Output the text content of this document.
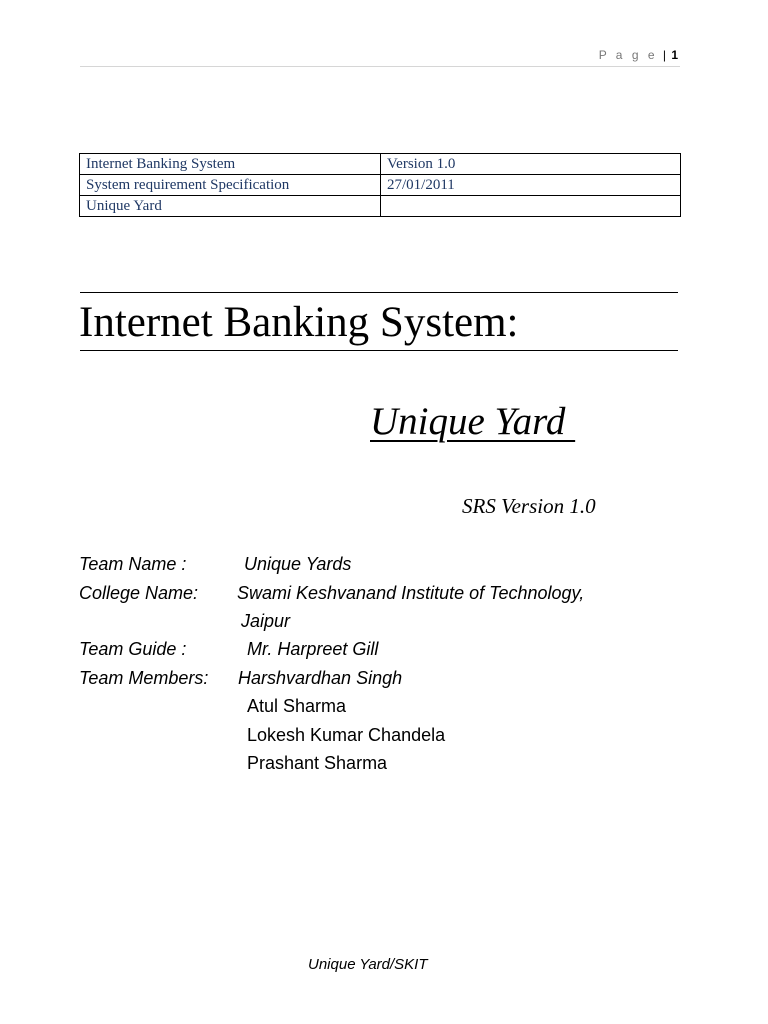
P a g e | 1
Internet Banking System	Version 1.0
System requirement Specification	27/01/2011
Unique Yard	
Internet Banking System:
Unique Yard
SRS Version 1.0
Team Name :	Unique Yards
College Name: Swami Keshvanand Institute of Technology,
Jaipur
Team Guide :	Mr. Harpreet Gill
Team Members: Harshvardhan Singh
Atul Sharma
Lokesh Kumar Chandela
Prashant Sharma
Unique Yard/SKIT
